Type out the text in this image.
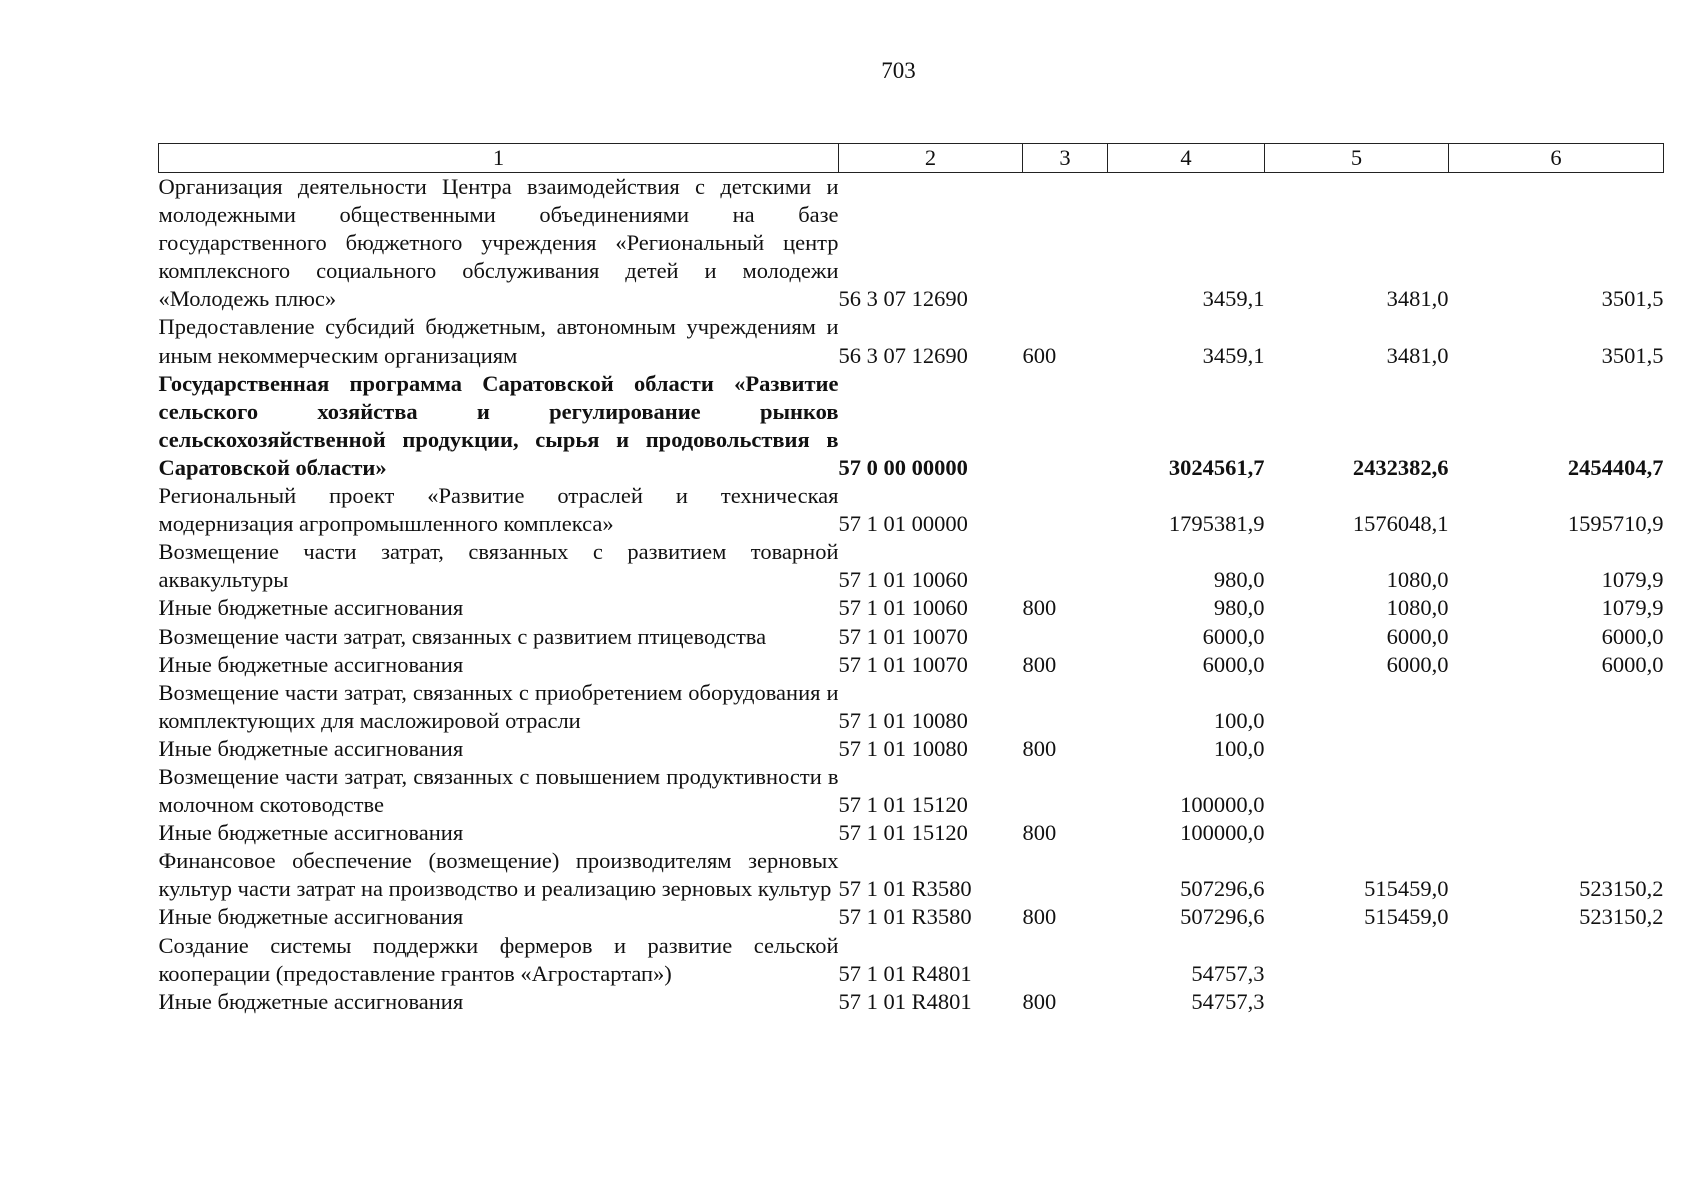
703
1	2	3	4	5	6
Организация деятельности Центра взаимодействия с детскими и молодежными общественными объединениями на базе государственного бюджетного учреждения «Региональный центр комплексного социального обслуживания детей и молодежи «Молодежь плюс»	56 3 07 12690		3459,1	3481,0	3501,5
Предоставление субсидий бюджетным, автономным учреждениям и иным некоммерческим организациям	56 3 07 12690	600	3459,1	3481,0	3501,5
Государственная программа Саратовской области «Развитие сельского хозяйства и регулирование рынков сельскохозяйственной продукции, сырья и продовольствия в Саратовской области»	57 0 00 00000		3024561,7	2432382,6	2454404,7
Региональный проект «Развитие отраслей и техническая модернизация агропромышленного комплекса»	57 1 01 00000		1795381,9	1576048,1	1595710,9
Возмещение части затрат, связанных с развитием товарной аквакультуры	57 1 01 10060		980,0	1080,0	1079,9
Иные бюджетные ассигнования	57 1 01 10060	800	980,0	1080,0	1079,9
Возмещение части затрат, связанных с развитием птицеводства	57 1 01 10070		6000,0	6000,0	6000,0
Иные бюджетные ассигнования	57 1 01 10070	800	6000,0	6000,0	6000,0
Возмещение части затрат, связанных с приобретением оборудования и комплектующих для масложировой отрасли	57 1 01 10080		100,0		
Иные бюджетные ассигнования	57 1 01 10080	800	100,0		
Возмещение части затрат, связанных с повышением продуктивности в молочном скотоводстве	57 1 01 15120		100000,0		
Иные бюджетные ассигнования	57 1 01 15120	800	100000,0		
Финансовое обеспечение (возмещение) производителям зерновых культур части затрат на производство и реализацию зерновых культур	57 1 01 R3580		507296,6	515459,0	523150,2
Иные бюджетные ассигнования	57 1 01 R3580	800	507296,6	515459,0	523150,2
Создание системы поддержки фермеров и развитие сельской кооперации (предоставление грантов «Агростартап»)	57 1 01 R4801		54757,3		
Иные бюджетные ассигнования	57 1 01 R4801	800	54757,3		
